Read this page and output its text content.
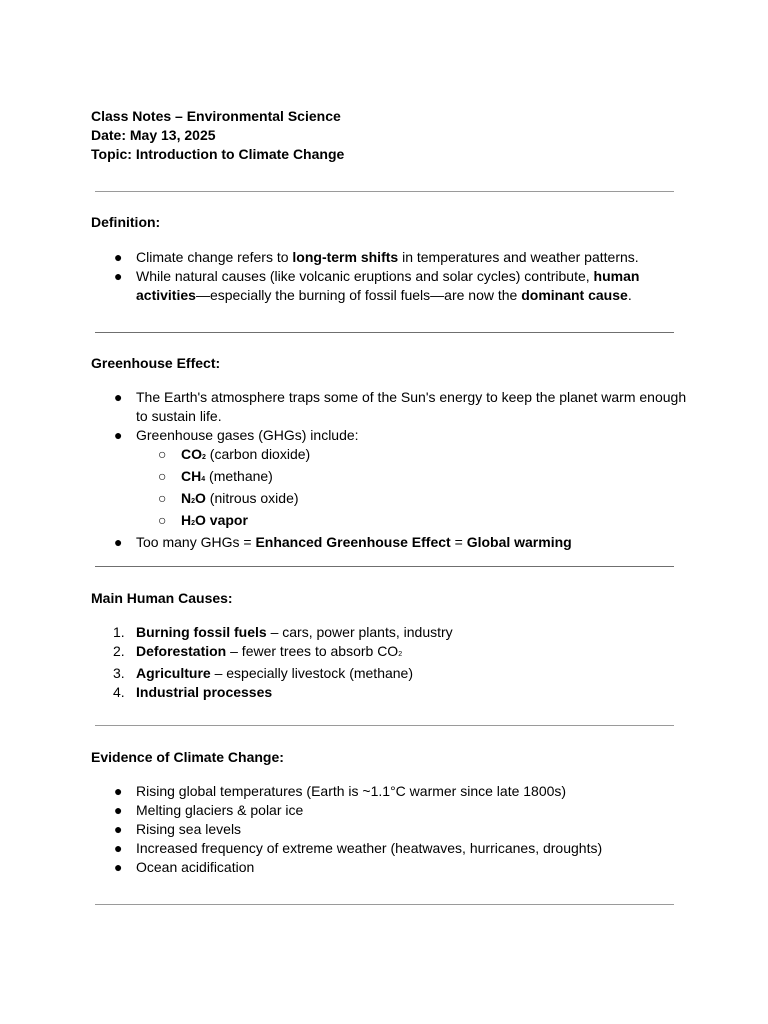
Class Notes – Environmental Science
Date: May 13, 2025
Topic: Introduction to Climate Change
Definition:
● Climate change refers to long-term shifts in temperatures and weather patterns.
● While natural causes (like volcanic eruptions and solar cycles) contribute, human
activities—especially the burning of fossil fuels—are now the dominant cause.
Greenhouse Effect:
● The Earth's atmosphere traps some of the Sun's energy to keep the planet warm enough
to sustain life.
● Greenhouse gases (GHGs) include:
○ CO2 (carbon dioxide)
○ CH4 (methane)
○ N2O (nitrous oxide)
○ H2O vapor
● Too many GHGs = Enhanced Greenhouse Effect = Global warming
Main Human Causes:
1. Burning fossil fuels – cars, power plants, industry
2. Deforestation – fewer trees to absorb CO2
3. Agriculture – especially livestock (methane)
4. Industrial processes
Evidence of Climate Change:
● Rising global temperatures (Earth is ~1.1°C warmer since late 1800s)
● Melting glaciers & polar ice
● Rising sea levels
● Increased frequency of extreme weather (heatwaves, hurricanes, droughts)
● Ocean acidification
